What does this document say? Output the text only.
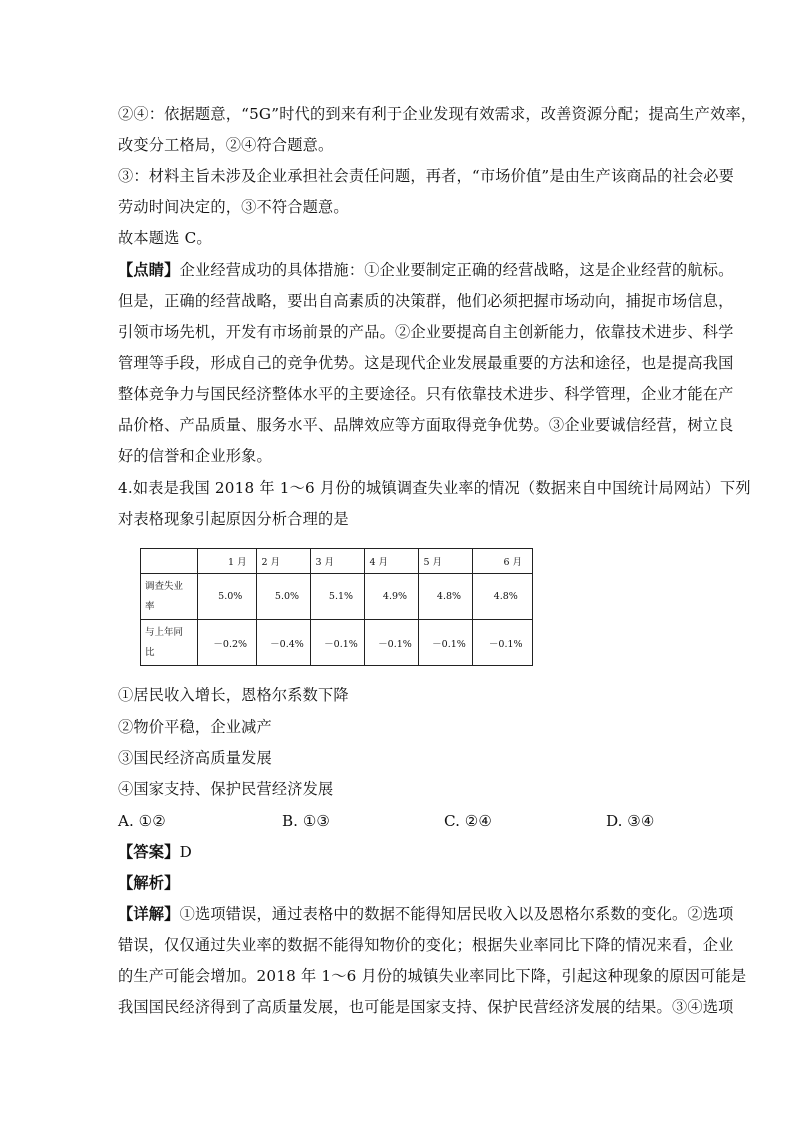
②④：依据题意，“5G”时代的到来有利于企业发现有效需求，改善资源分配；提高生产效率，
改变分工格局，②④符合题意。
③：材料主旨未涉及企业承担社会责任问题，再者，“市场价值”是由生产该商品的社会必要
劳动时间决定的，③不符合题意。
故本题选 C。
【点睛】企业经营成功的具体措施：①企业要制定正确的经营战略，这是企业经营的航标。
但是，正确的经营战略，要出自高素质的决策群，他们必须把握市场动向，捕捉市场信息，
引领市场先机，开发有市场前景的产品。②企业要提高自主创新能力，依靠技术进步、科学
管理等手段，形成自己的竞争优势。这是现代企业发展最重要的方法和途径，也是提高我国
整体竞争力与国民经济整体水平的主要途径。只有依靠技术进步、科学管理，企业才能在产
品价格、产品质量、服务水平、品牌效应等方面取得竞争优势。③企业要诚信经营，树立良
好的信誉和企业形象。
4.如表是我国 2018 年 1～6 月份的城镇调查失业率的情况（数据来自中国统计局网站）下列
对表格现象引起原因分析合理的是
	1 月	2 月	3 月	4 月	5 月	6 月

调查失业
率	5.0%	5.0%	5.1%	4.9%	4.8%	4.8%

与上年同
比	－0.2%	－0.4%	－0.1%	－0.1%	－0.1%	－0.1%
①居民收入增长，恩格尔系数下降
②物价平稳，企业减产
③国民经济高质量发展
④国家支持、保护民营经济发展
A. ①②	B. ①③	C. ②④	D. ③④
【答案】D
【解析】
【详解】①选项错误，通过表格中的数据不能得知居民收入以及恩格尔系数的变化。②选项
错误，仅仅通过失业率的数据不能得知物价的变化；根据失业率同比下降的情况来看，企业
的生产可能会增加。2018 年 1～6 月份的城镇失业率同比下降，引起这种现象的原因可能是
我国国民经济得到了高质量发展，也可能是国家支持、保护民营经济发展的结果。③④选项
